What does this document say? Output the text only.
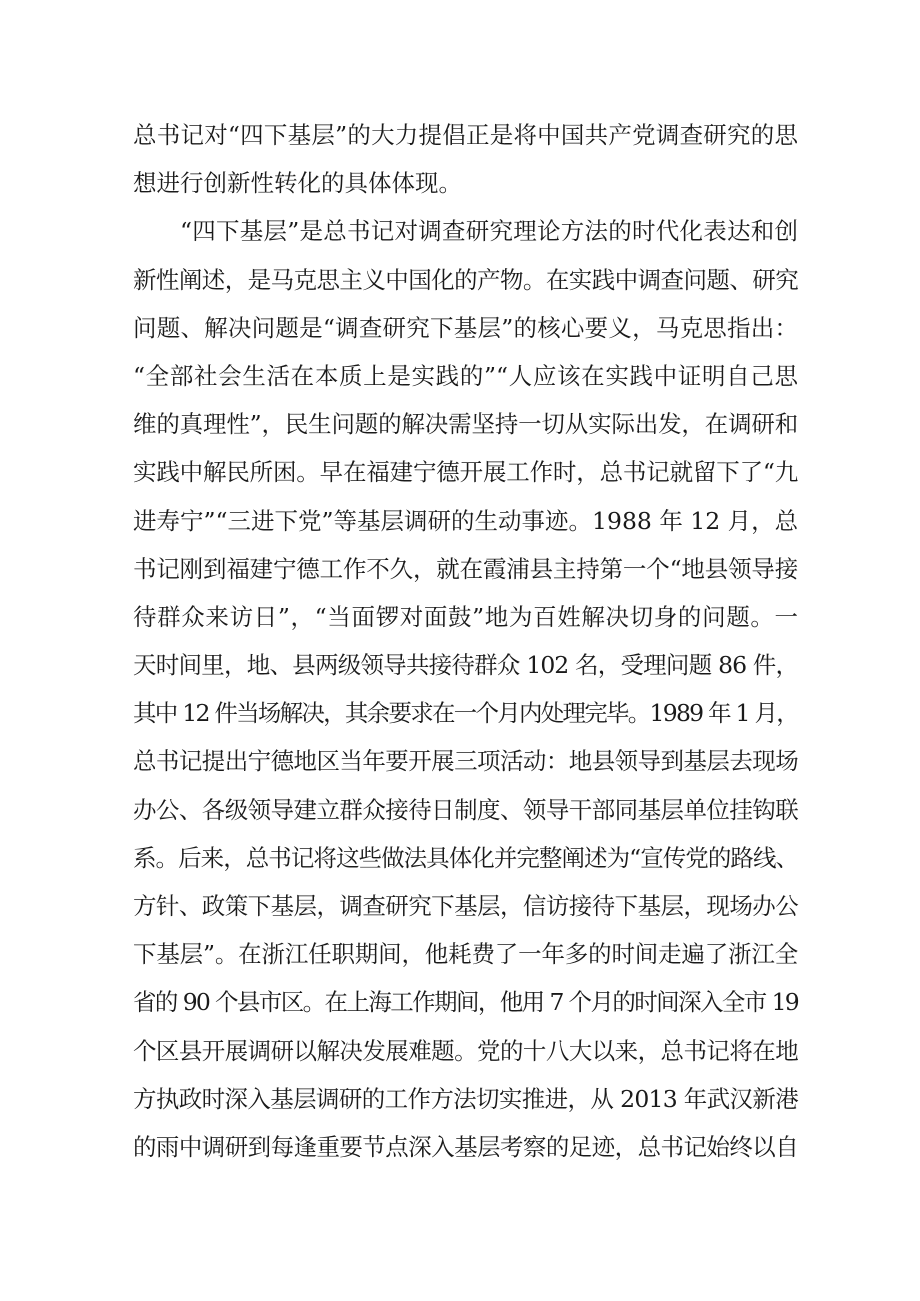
总书记对“四下基层”的大力提倡正是将中国共产党调查研究的思
想进行创新性转化的具体体现。
“四下基层”是总书记对调查研究理论方法的时代化表达和创
新性阐述，是马克思主义中国化的产物。在实践中调查问题、研究
问题、解决问题是“调查研究下基层”的核心要义，马克思指出：
“全部社会生活在本质上是实践的”“人应该在实践中证明自己思
维的真理性”，民生问题的解决需坚持一切从实际出发，在调研和
实践中解民所困。早在福建宁德开展工作时，总书记就留下了“九
进寿宁”“三进下党”等基层调研的生动事迹。1988 年 12 月，总
书记刚到福建宁德工作不久，就在霞浦县主持第一个“地县领导接
待群众来访日”，“当面锣对面鼓”地为百姓解决切身的问题。一
天时间里，地、县两级领导共接待群众 102 名，受理问题 86 件，
其中 12 件当场解决，其余要求在一个月内处理完毕。1989 年 1 月，
总书记提出宁德地区当年要开展三项活动：地县领导到基层去现场
办公、各级领导建立群众接待日制度、领导干部同基层单位挂钩联
系。后来，总书记将这些做法具体化并完整阐述为“宣传党的路线、
方针、政策下基层，调查研究下基层，信访接待下基层，现场办公
下基层”。在浙江任职期间，他耗费了一年多的时间走遍了浙江全
省的 90 个县市区。在上海工作期间，他用 7 个月的时间深入全市 19
个区县开展调研以解决发展难题。党的十八大以来，总书记将在地
方执政时深入基层调研的工作方法切实推进，从 2013 年武汉新港
的雨中调研到每逢重要节点深入基层考察的足迹，总书记始终以自
